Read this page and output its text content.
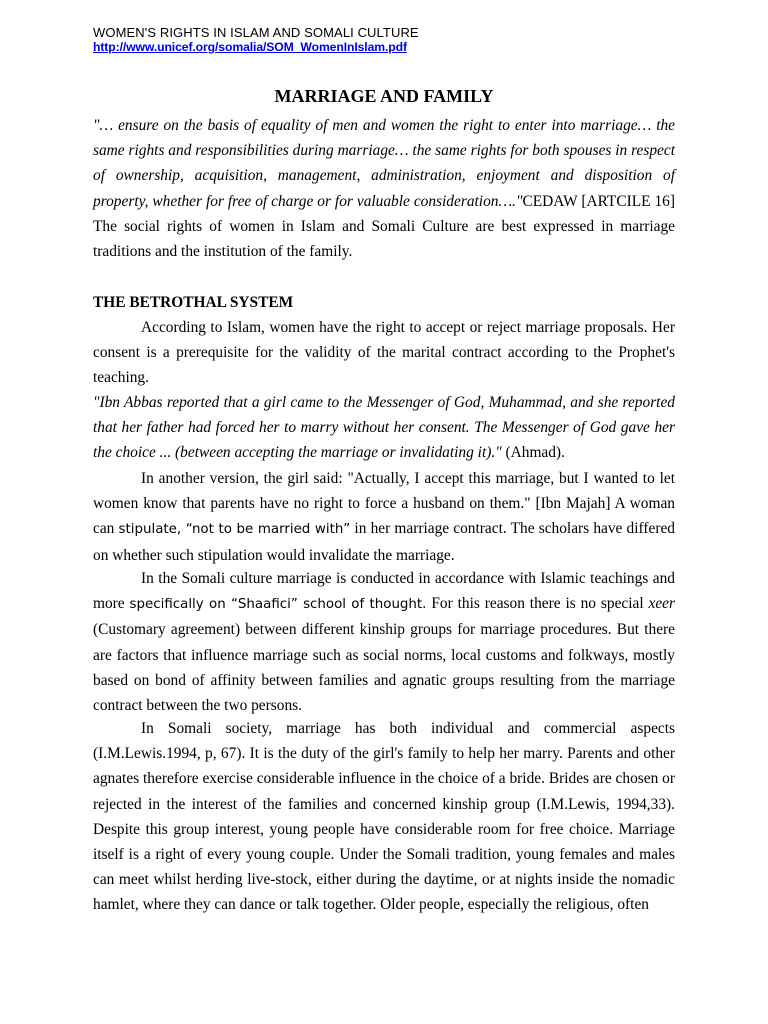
WOMEN'S RIGHTS IN ISLAM AND SOMALI CULTURE
http://www.unicef.org/somalia/SOM_WomenInIslam.pdf
MARRIAGE AND FAMILY
"… ensure on the basis of equality of men and women the right to enter into marriage… the same rights and responsibilities during marriage… the same rights for both spouses in respect of ownership, acquisition, management, administration, enjoyment and disposition of property, whether for free of charge or for valuable consideration…."CEDAW [ARTCILE 16] The social rights of women in Islam and Somali Culture are best expressed in marriage traditions and the institution of the family.
THE BETROTHAL SYSTEM
According to Islam, women have the right to accept or reject marriage proposals. Her consent is a prerequisite for the validity of the marital contract according to the Prophet's teaching.
"Ibn Abbas reported that a girl came to the Messenger of God, Muhammad, and she reported that her father had forced her to marry without her consent. The Messenger of God gave her the choice ... (between accepting the marriage or invalidating it)." (Ahmad).
In another version, the girl said: "Actually, I accept this marriage, but I wanted to let women know that parents have no right to force a husband on them." [Ibn Majah] A woman can stipulate, “not to be married with” in her marriage contract. The scholars have differed on whether such stipulation would invalidate the marriage.
In the Somali culture marriage is conducted in accordance with Islamic teachings and more specifically on “Shaafici” school of thought. For this reason there is no special xeer (Customary agreement) between different kinship groups for marriage procedures. But there are factors that influence marriage such as social norms, local customs and folkways, mostly based on bond of affinity between families and agnatic groups resulting from the marriage contract between the two persons.
In Somali society, marriage has both individual and commercial aspects (I.M.Lewis.1994, p, 67). It is the duty of the girl's family to help her marry. Parents and other agnates therefore exercise considerable influence in the choice of a bride. Brides are chosen or rejected in the interest of the families and concerned kinship group (I.M.Lewis, 1994,33). Despite this group interest, young people have considerable room for free choice. Marriage itself is a right of every young couple. Under the Somali tradition, young females and males can meet whilst herding live-stock, either during the daytime, or at nights inside the nomadic hamlet, where they can dance or talk together. Older people, especially the religious, often
